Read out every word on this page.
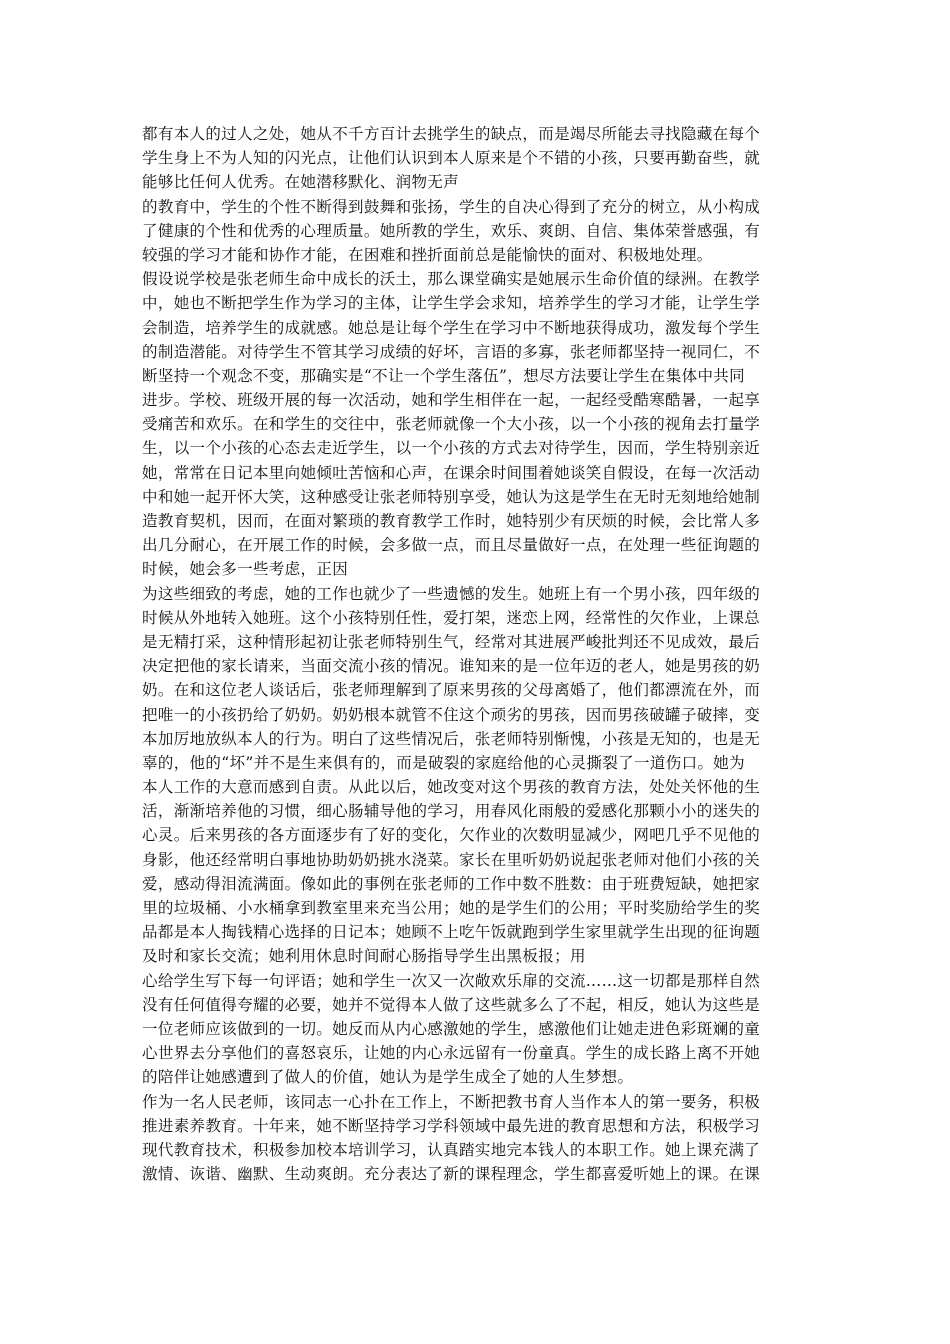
都有本人的过人之处，她从不千方百计去挑学生的缺点，而是竭尽所能去寻找隐藏在每个
学生身上不为人知的闪光点，让他们认识到本人原来是个不错的小孩，只要再勤奋些，就
能够比任何人优秀。在她潜移默化、润物无声
的教育中，学生的个性不断得到鼓舞和张扬，学生的自决心得到了充分的树立，从小构成
了健康的个性和优秀的心理质量。她所教的学生，欢乐、爽朗、自信、集体荣誉感强，有
较强的学习才能和协作才能，在困难和挫折面前总是能愉快的面对、积极地处理。
假设说学校是张老师生命中成长的沃土，那么课堂确实是她展示生命价值的绿洲。在教学
中，她也不断把学生作为学习的主体，让学生学会求知，培养学生的学习才能，让学生学
会制造，培养学生的成就感。她总是让每个学生在学习中不断地获得成功，激发每个学生
的制造潜能。对待学生不管其学习成绩的好坏，言语的多寡，张老师都坚持一视同仁，不
断坚持一个观念不变，那确实是“不让一个学生落伍”，想尽方法要让学生在集体中共同
进步。学校、班级开展的每一次活动，她和学生相伴在一起，一起经受酷寒酷暑，一起享
受痛苦和欢乐。在和学生的交往中，张老师就像一个大小孩，以一个小孩的视角去打量学
生，以一个小孩的心态去走近学生，以一个小孩的方式去对待学生，因而，学生特别亲近
她，常常在日记本里向她倾吐苦恼和心声，在课余时间围着她谈笑自假设，在每一次活动
中和她一起开怀大笑，这种感受让张老师特别享受，她认为这是学生在无时无刻地给她制
造教育契机，因而，在面对繁琐的教育教学工作时，她特别少有厌烦的时候，会比常人多
出几分耐心，在开展工作的时候，会多做一点，而且尽量做好一点，在处理一些征询题的
时候，她会多一些考虑，正因
为这些细致的考虑，她的工作也就少了一些遗憾的发生。她班上有一个男小孩，四年级的
时候从外地转入她班。这个小孩特别任性，爱打架，迷恋上网，经常性的欠作业，上课总
是无精打采，这种情形起初让张老师特别生气，经常对其进展严峻批判还不见成效，最后
决定把他的家长请来，当面交流小孩的情况。谁知来的是一位年迈的老人，她是男孩的奶
奶。在和这位老人谈话后，张老师理解到了原来男孩的父母离婚了，他们都漂流在外，而
把唯一的小孩扔给了奶奶。奶奶根本就管不住这个顽劣的男孩，因而男孩破罐子破摔，变
本加厉地放纵本人的行为。明白了这些情况后，张老师特别惭愧，小孩是无知的，也是无
辜的，他的“坏”并不是生来俱有的，而是破裂的家庭给他的心灵撕裂了一道伤口。她为
本人工作的大意而感到自责。从此以后，她改变对这个男孩的教育方法，处处关怀他的生
活，渐渐培养他的习惯，细心肠辅导他的学习，用春风化雨般的爱感化那颗小小的迷失的
心灵。后来男孩的各方面逐步有了好的变化，欠作业的次数明显减少，网吧几乎不见他的
身影，他还经常明白事地协助奶奶挑水浇菜。家长在里听奶奶说起张老师对他们小孩的关
爱，感动得泪流满面。像如此的事例在张老师的工作中数不胜数：由于班费短缺，她把家
里的垃圾桶、小水桶拿到教室里来充当公用；她的是学生们的公用；平时奖励给学生的奖
品都是本人掏钱精心选择的日记本；她顾不上吃午饭就跑到学生家里就学生出现的征询题
及时和家长交流；她利用休息时间耐心肠指导学生出黑板报；用
心给学生写下每一句评语；她和学生一次又一次敞欢乐扉的交流……这一切都是那样自然
没有任何值得夸耀的必要，她并不觉得本人做了这些就多么了不起，相反，她认为这些是
一位老师应该做到的一切。她反而从内心感激她的学生，感激他们让她走进色彩斑斓的童
心世界去分享他们的喜怒哀乐，让她的内心永远留有一份童真。学生的成长路上离不开她
的陪伴让她感遭到了做人的价值，她认为是学生成全了她的人生梦想。
作为一名人民老师，该同志一心扑在工作上，不断把教书育人当作本人的第一要务，积极
推进素养教育。十年来，她不断坚持学习学科领域中最先进的教育思想和方法，积极学习
现代教育技术，积极参加校本培训学习，认真踏实地完本钱人的本职工作。她上课充满了
激情、诙谐、幽默、生动爽朗。充分表达了新的课程理念，学生都喜爱听她上的课。在课
